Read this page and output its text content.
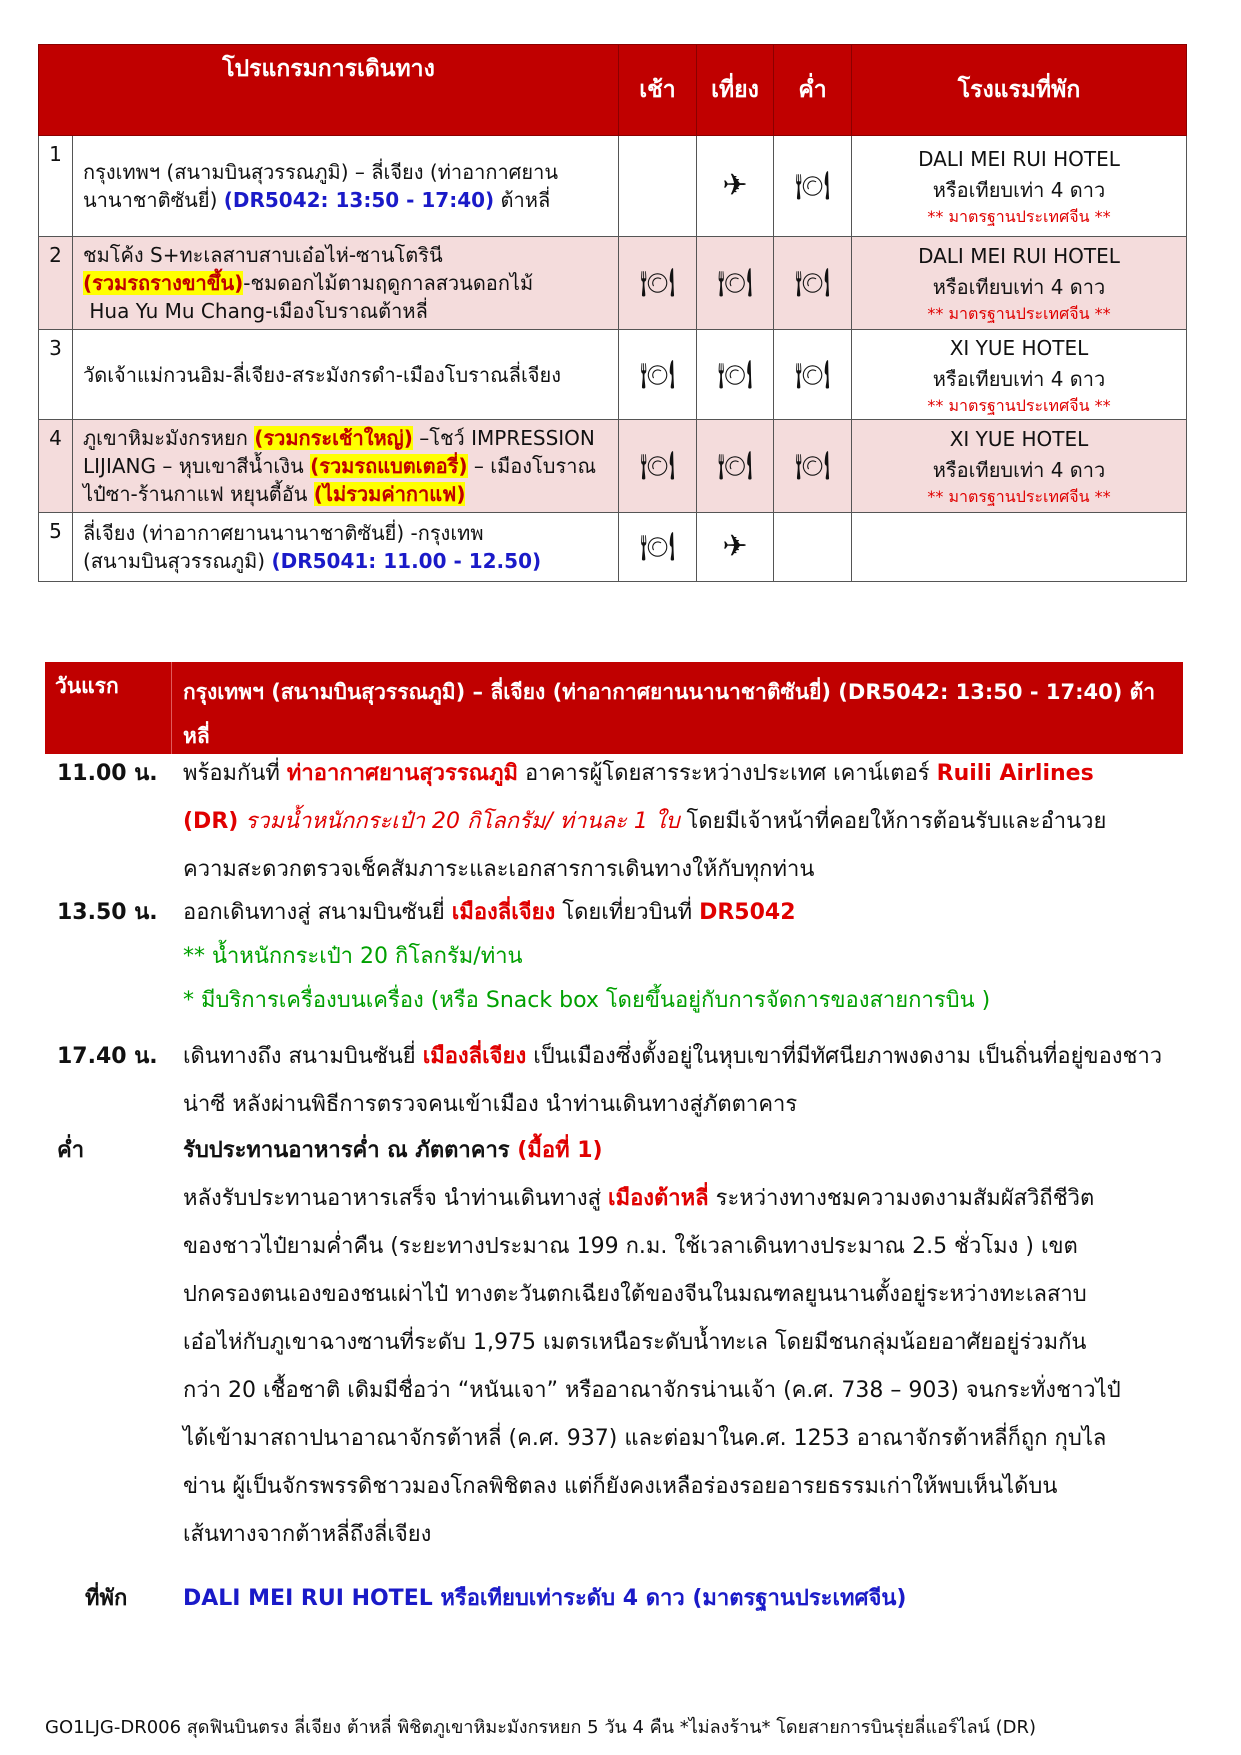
โปรแกรมการเดินทาง		เช้า	เที่ยง	ค่ำ	โรงแรมที่พัก
1	กรุงเทพฯ (สนามบินสุวรรณภูมิ) – ลี่เจียง (ท่าอากาศยาน
นานาชาติซันยี่) (DR5042: 13:50 - 17:40) ต้าหลี่		✈	🍽	DALI MEI RUI HOTEL
หรือเทียบเท่า 4 ดาว
** มาตรฐานประเทศจีน **

2	ชมโค้ง S+ทะเลสาบสาบเอ๋อไห่-ซานโตรินี
(รวมรถรางขาขึ้น)-ชมดอกไม้ตามฤดูกาลสวนดอกไม้
Hua Yu Mu Chang-เมืองโบราณต้าหลี่	🍽	🍽	🍽	DALI MEI RUI HOTEL
หรือเทียบเท่า 4 ดาว
** มาตรฐานประเทศจีน **

3	วัดเจ้าแม่กวนอิม-ลี่เจียง-สระมังกรดำ-เมืองโบราณลี่เจียง	🍽	🍽	🍽	XI YUE HOTEL
หรือเทียบเท่า 4 ดาว
** มาตรฐานประเทศจีน **

4	ภูเขาหิมะมังกรหยก (รวมกระเช้าใหญ่) –โชว์ IMPRESSION
LIJIANG – หุบเขาสีน้ำเงิน (รวมรถแบตเตอรี่) – เมืองโบราณ
ไป๋ซา-ร้านกาแฟ หยุนตี้อัน (ไม่รวมค่ากาแฟ)	🍽	🍽	🍽	XI YUE HOTEL
หรือเทียบเท่า 4 ดาว
** มาตรฐานประเทศจีน **

5	ลี่เจียง (ท่าอากาศยานนานาชาติซันยี่) -กรุงเทพ
(สนามบินสุวรรณภูมิ) (DR5041: 11.00 - 12.50)	🍽	✈		
วันแรก	กรุงเทพฯ (สนามบินสุวรรณภูมิ) – ลี่เจียง (ท่าอากาศยานนานาชาติซันยี่) (DR5042: 13:50 - 17:40) ต้าหลี่
11.00 น. พร้อมกันที่ ท่าอากาศยานสุวรรณภูมิ อาคารผู้โดยสารระหว่างประเทศ เคาน์เตอร์ Ruili Airlines
(DR) รวมน้ำหนักกระเป๋า 20 กิโลกรัม/ ท่านละ 1 ใบ โดยมีเจ้าหน้าที่คอยให้การต้อนรับและอำนวย
ความสะดวกตรวจเช็คสัมภาระและเอกสารการเดินทางให้กับทุกท่าน
13.50 น. ออกเดินทางสู่ สนามบินซันยี่ เมืองลี่เจียง โดยเที่ยวบินที่ DR5042
** น้ำหนักกระเป๋า 20 กิโลกรัม/ท่าน
* มีบริการเครื่องบนเครื่อง (หรือ Snack box โดยขึ้นอยู่กับการจัดการของสายการบิน )
17.40 น. เดินทางถึง สนามบินซันยี่ เมืองลี่เจียง เป็นเมืองซึ่งตั้งอยู่ในหุบเขาที่มีทัศนียภาพงดงาม เป็นถิ่นที่อยู่ของชาว
น่าซี หลังผ่านพิธีการตรวจคนเข้าเมือง นำท่านเดินทางสู่ภัตตาคาร
ค่ำ	รับประทานอาหารค่ำ ณ ภัตตาคาร (มื้อที่ 1)
หลังรับประทานอาหารเสร็จ นำท่านเดินทางสู่ เมืองต้าหลี่ ระหว่างทางชมความงดงามสัมผัสวิถีชีวิต
ของชาวไป๋ยามค่ำคืน (ระยะทางประมาณ 199 ก.ม. ใช้เวลาเดินทางประมาณ 2.5 ชั่วโมง ) เขต
ปกครองตนเองของชนเผ่าไป๋ ทางตะวันตกเฉียงใต้ของจีนในมณฑลยูนนานตั้งอยู่ระหว่างทะเลสาบ
เอ๋อไห่กับภูเขาฉางซานที่ระดับ 1,975 เมตรเหนือระดับน้ำทะเล โดยมีชนกลุ่มน้อยอาศัยอยู่ร่วมกัน
กว่า 20 เชื้อชาติ เดิมมีชื่อว่า “หนันเจา” หรืออาณาจักรน่านเจ้า (ค.ศ. 738 – 903) จนกระทั่งชาวไป๋
ได้เข้ามาสถาปนาอาณาจักรต้าหลี่ (ค.ศ. 937) และต่อมาในค.ศ. 1253 อาณาจักรต้าหลี่ก็ถูก กุบไล
ข่าน ผู้เป็นจักรพรรดิชาวมองโกลพิชิตลง แต่ก็ยังคงเหลือร่องรอยอารยธรรมเก่าให้พบเห็นได้บน
เส้นทางจากต้าหลี่ถึงลี่เจียง
ที่พัก	DALI MEI RUI HOTEL หรือเทียบเท่าระดับ 4 ดาว (มาตรฐานประเทศจีน)
GO1LJG-DR006 สุดฟินบินตรง ลี่เจียง ต้าหลี่ พิชิตภูเขาหิมะมังกรหยก 5 วัน 4 คืน *ไม่ลงร้าน* โดยสายการบินรุ่ยลี่แอร์ไลน์ (DR)
